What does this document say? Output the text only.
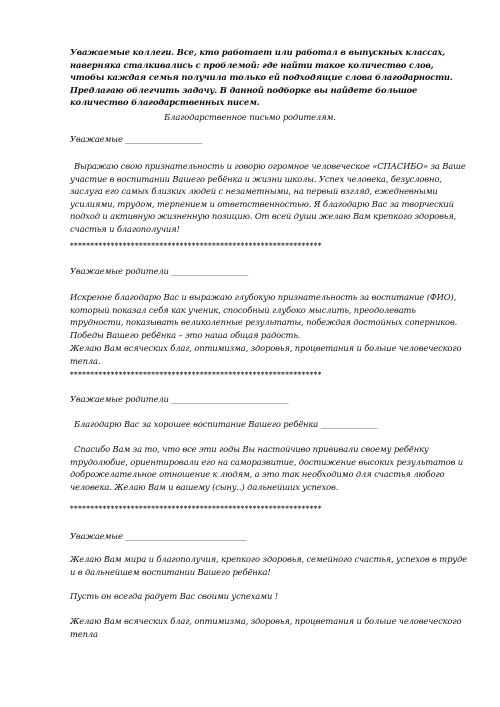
Уважаемые коллеги. Все, кто работает или работал в выпускных классах, наверняка сталкивались с проблемой: где найти такое количество слов, чтобы каждая семья получила только ей подходящие слова благодарности. Предлагаю облегчить задачу. В данной подборке вы найдете большое количество благодарственных писем.

Благодарственное письмо родителям.

Уважаемые ___________________

Выражаю свою признательность и говорю огромное человеческое «СПАСИБО» за Ваше участие в воспитании Вашего ребёнка и жизни школы. Успех человека, безусловно, заслуга его самых близких людей с незаметными, на первый взгляд, ежедневными усилиями, трудом, терпением и ответственностью. Я благодарю Вас за творческий подход и активную жизненную позицию. От всей души желаю Вам крепкого здоровья, счастья и благополучия!

**************************************************************

Уважаемые родители ___________________

Искренне благодарю Вас и выражаю глубокую признательность за воспитание (ФИО), который показал себя как ученик, способный глубоко мыслить, преодолевать трудности, показывать великолепные результаты, побеждая достойных соперников. Победы Вашего ребёнка – это наша общая радость.

Желаю Вам всяческих благ, оптимизма, здоровья, процветания и больше человеческого тепла.

**************************************************************

Уважаемые родители _____________________________

Благодарю Вас за хорошее воспитание Вашего ребёнка ______________

Спасибо Вам за то, что все эти годы Вы настойчиво прививали своему ребёнку трудолюбие, ориентировали его на саморазвитие, достижение высоких результатов и доброжелательное отношение к людям, а это так необходимо для счастья любого человека. Желаю Вам и вашему (сыну..) дальнейших успехов.

**************************************************************

Уважаемые ______________________________

Желаю Вам мира и благополучия, крепкого здоровья, семейного счастья, успехов в труде и в дальнейшем воспитании Вашего ребёнка!

Пусть он всегда радует Вас своими успехами !

Желаю Вам всяческих благ, оптимизма, здоровья, процветания и больше человеческого тепла
